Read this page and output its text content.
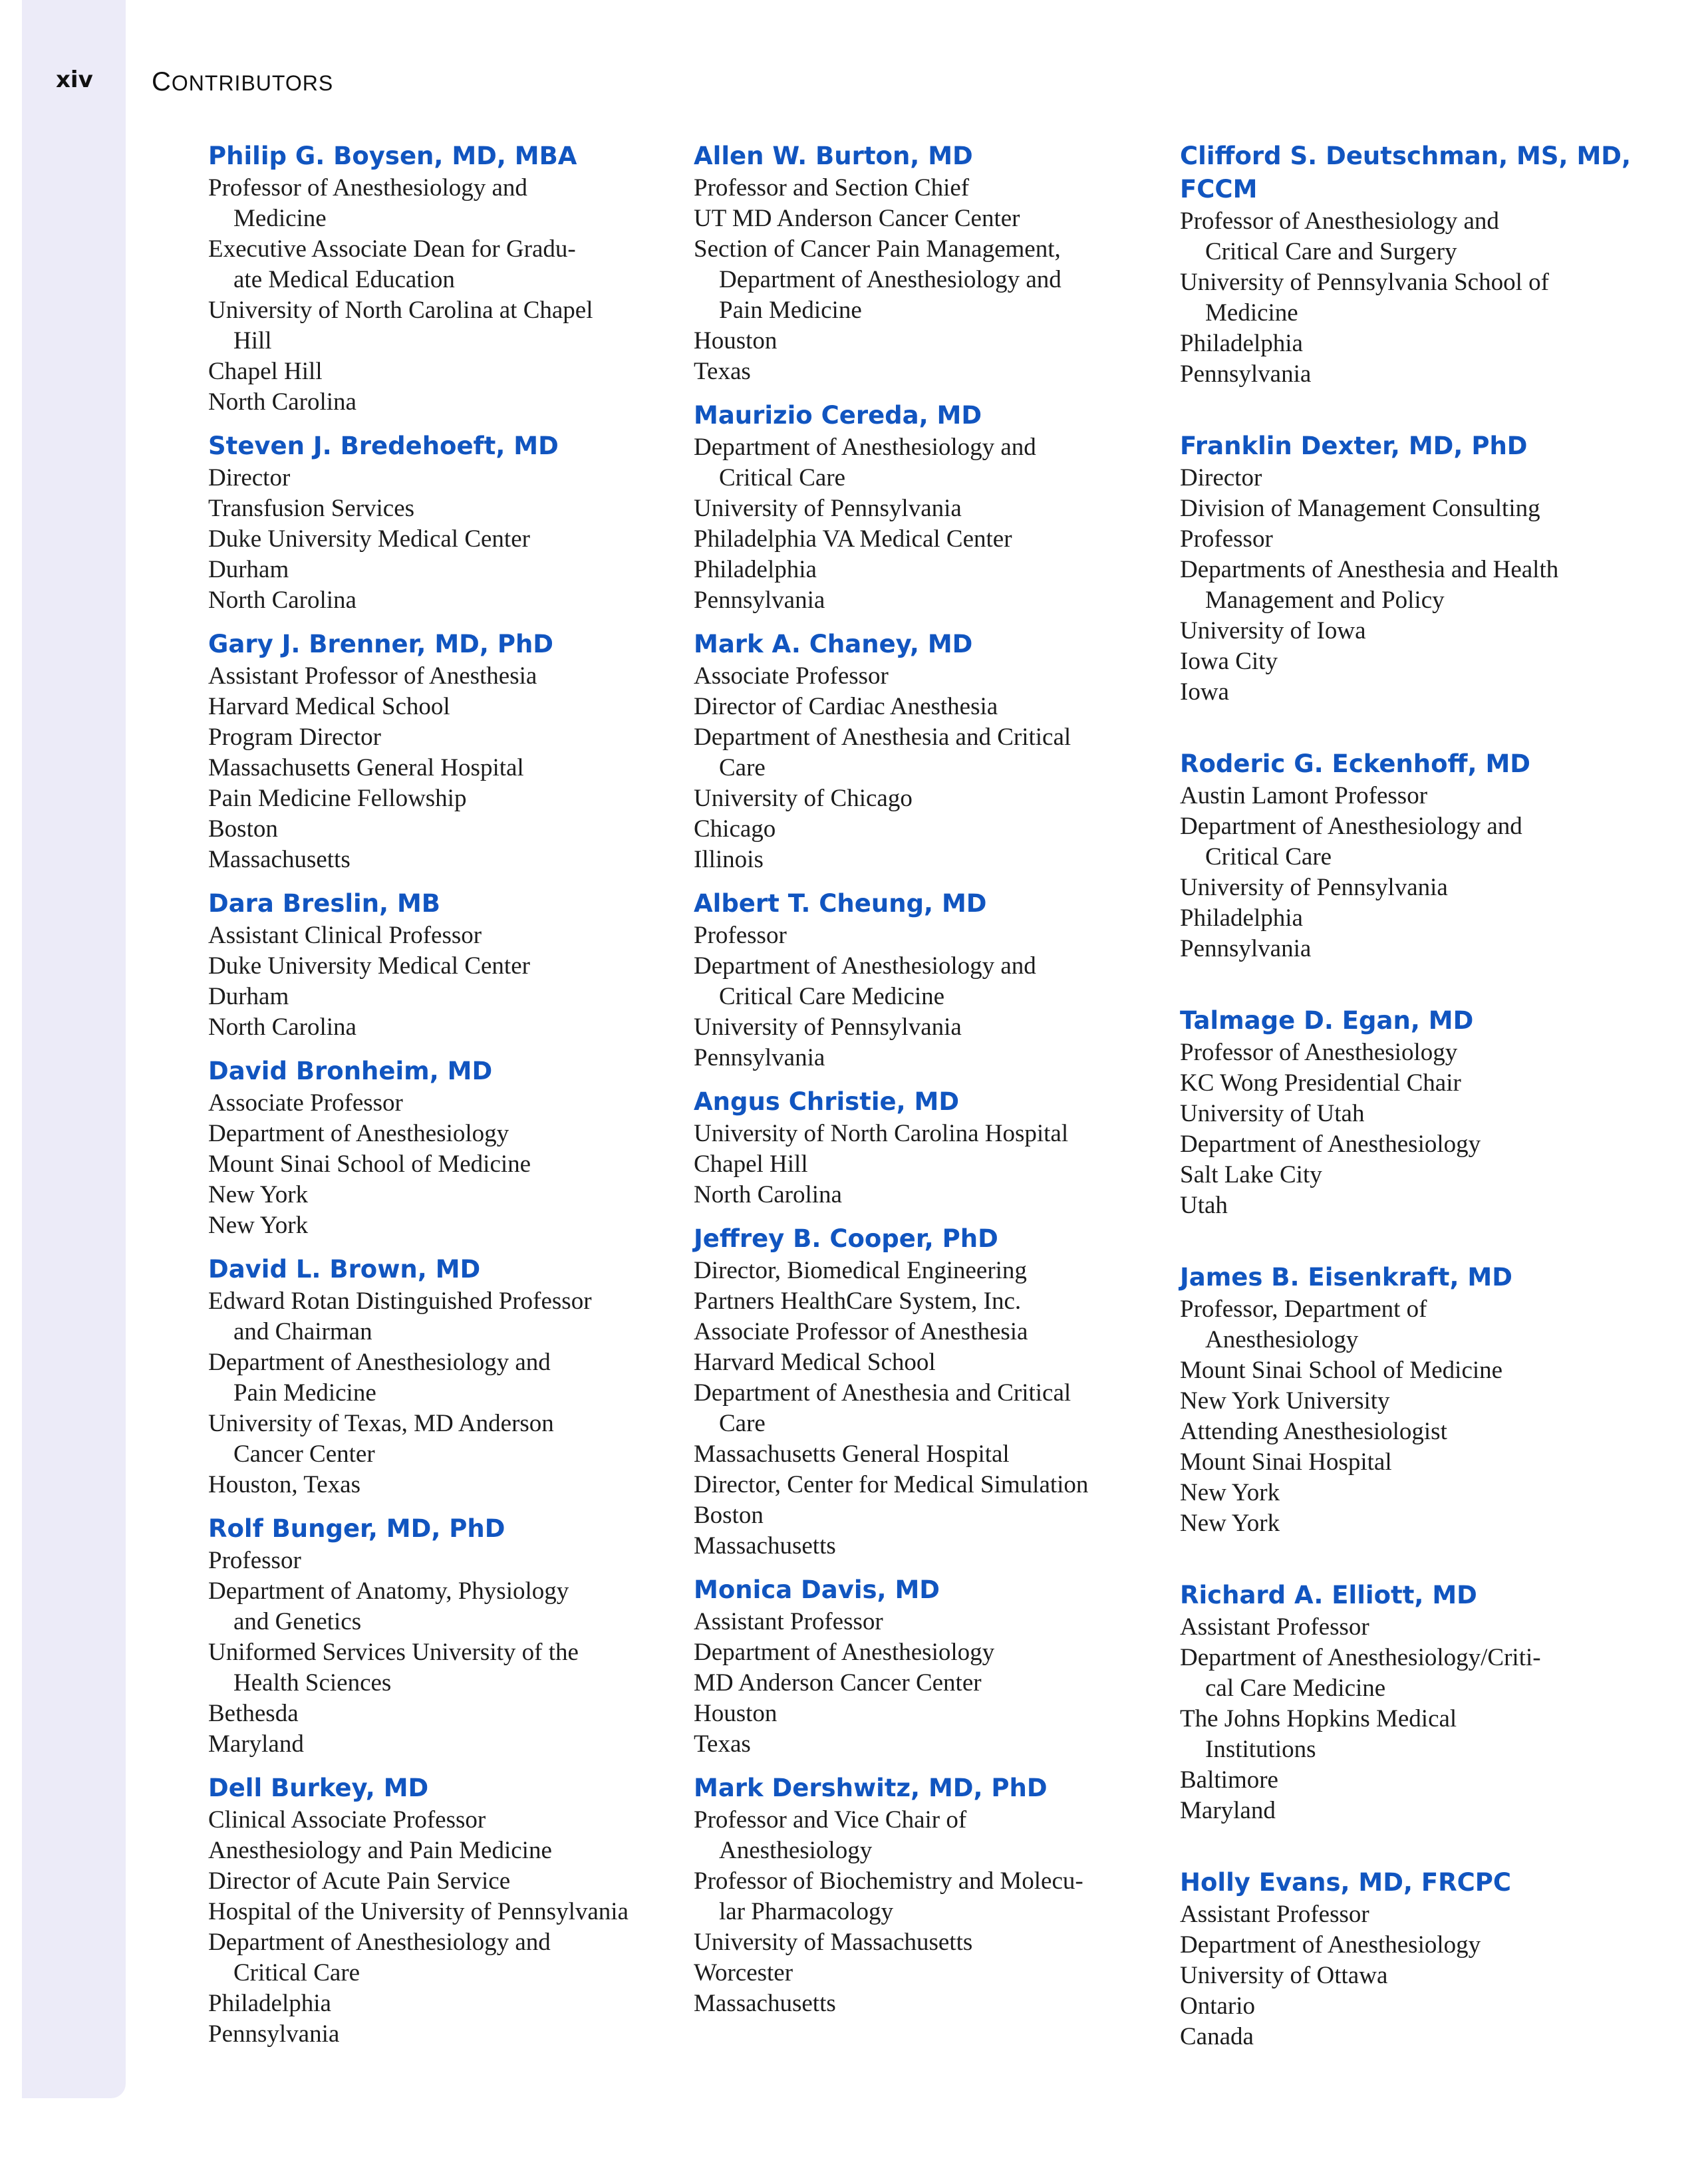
xiv CONTRIBUTORS
Philip G. Boysen, MD, MBA
Professor of Anesthesiology and
Medicine
Executive Associate Dean for Gradu-
ate Medical Education
University of North Carolina at Chapel
Hill
Chapel Hill
North Carolina
Steven J. Bredehoeft, MD
Director
Transfusion Services
Duke University Medical Center
Durham
North Carolina
Gary J. Brenner, MD, PhD
Assistant Professor of Anesthesia
Harvard Medical School
Program Director
Massachusetts General Hospital
Pain Medicine Fellowship
Boston
Massachusetts
Dara Breslin, MB
Assistant Clinical Professor
Duke University Medical Center
Durham
North Carolina
David Bronheim, MD
Associate Professor
Department of Anesthesiology
Mount Sinai School of Medicine
New York
New York
David L. Brown, MD
Edward Rotan Distinguished Professor
and Chairman
Department of Anesthesiology and
Pain Medicine
University of Texas, MD Anderson
Cancer Center
Houston, Texas
Rolf Bunger, MD, PhD
Professor
Department of Anatomy, Physiology
and Genetics
Uniformed Services University of the
Health Sciences
Bethesda
Maryland
Dell Burkey, MD
Clinical Associate Professor
Anesthesiology and Pain Medicine
Director of Acute Pain Service
Hospital of the University of Pennsylvania
Department of Anesthesiology and
Critical Care
Philadelphia
Pennsylvania
Allen W. Burton, MD
Professor and Section Chief
UT MD Anderson Cancer Center
Section of Cancer Pain Management,
Department of Anesthesiology and
Pain Medicine
Houston
Texas
Maurizio Cereda, MD
Department of Anesthesiology and
Critical Care
University of Pennsylvania
Philadelphia VA Medical Center
Philadelphia
Pennsylvania
Mark A. Chaney, MD
Associate Professor
Director of Cardiac Anesthesia
Department of Anesthesia and Critical
Care
University of Chicago
Chicago
Illinois
Albert T. Cheung, MD
Professor
Department of Anesthesiology and
Critical Care Medicine
University of Pennsylvania
Pennsylvania
Angus Christie, MD
University of North Carolina Hospital
Chapel Hill
North Carolina
Jeffrey B. Cooper, PhD
Director, Biomedical Engineering
Partners HealthCare System, Inc.
Associate Professor of Anesthesia
Harvard Medical School
Department of Anesthesia and Critical
Care
Massachusetts General Hospital
Director, Center for Medical Simulation
Boston
Massachusetts
Monica Davis, MD
Assistant Professor
Department of Anesthesiology
MD Anderson Cancer Center
Houston
Texas
Mark Dershwitz, MD, PhD
Professor and Vice Chair of
Anesthesiology
Professor of Biochemistry and Molecu-
lar Pharmacology
University of Massachusetts
Worcester
Massachusetts
Clifford S. Deutschman, MS, MD,
FCCM
Professor of Anesthesiology and
Critical Care and Surgery
University of Pennsylvania School of
Medicine
Philadelphia
Pennsylvania
Franklin Dexter, MD, PhD
Director
Division of Management Consulting
Professor
Departments of Anesthesia and Health
Management and Policy
University of Iowa
Iowa City
Iowa
Roderic G. Eckenhoff, MD
Austin Lamont Professor
Department of Anesthesiology and
Critical Care
University of Pennsylvania
Philadelphia
Pennsylvania
Talmage D. Egan, MD
Professor of Anesthesiology
KC Wong Presidential Chair
University of Utah
Department of Anesthesiology
Salt Lake City
Utah
James B. Eisenkraft, MD
Professor, Department of
Anesthesiology
Mount Sinai School of Medicine
New York University
Attending Anesthesiologist
Mount Sinai Hospital
New York
New York
Richard A. Elliott, MD
Assistant Professor
Department of Anesthesiology/Criti-
cal Care Medicine
The Johns Hopkins Medical
Institutions
Baltimore
Maryland
Holly Evans, MD, FRCPC
Assistant Professor
Department of Anesthesiology
University of Ottawa
Ontario
Canada
